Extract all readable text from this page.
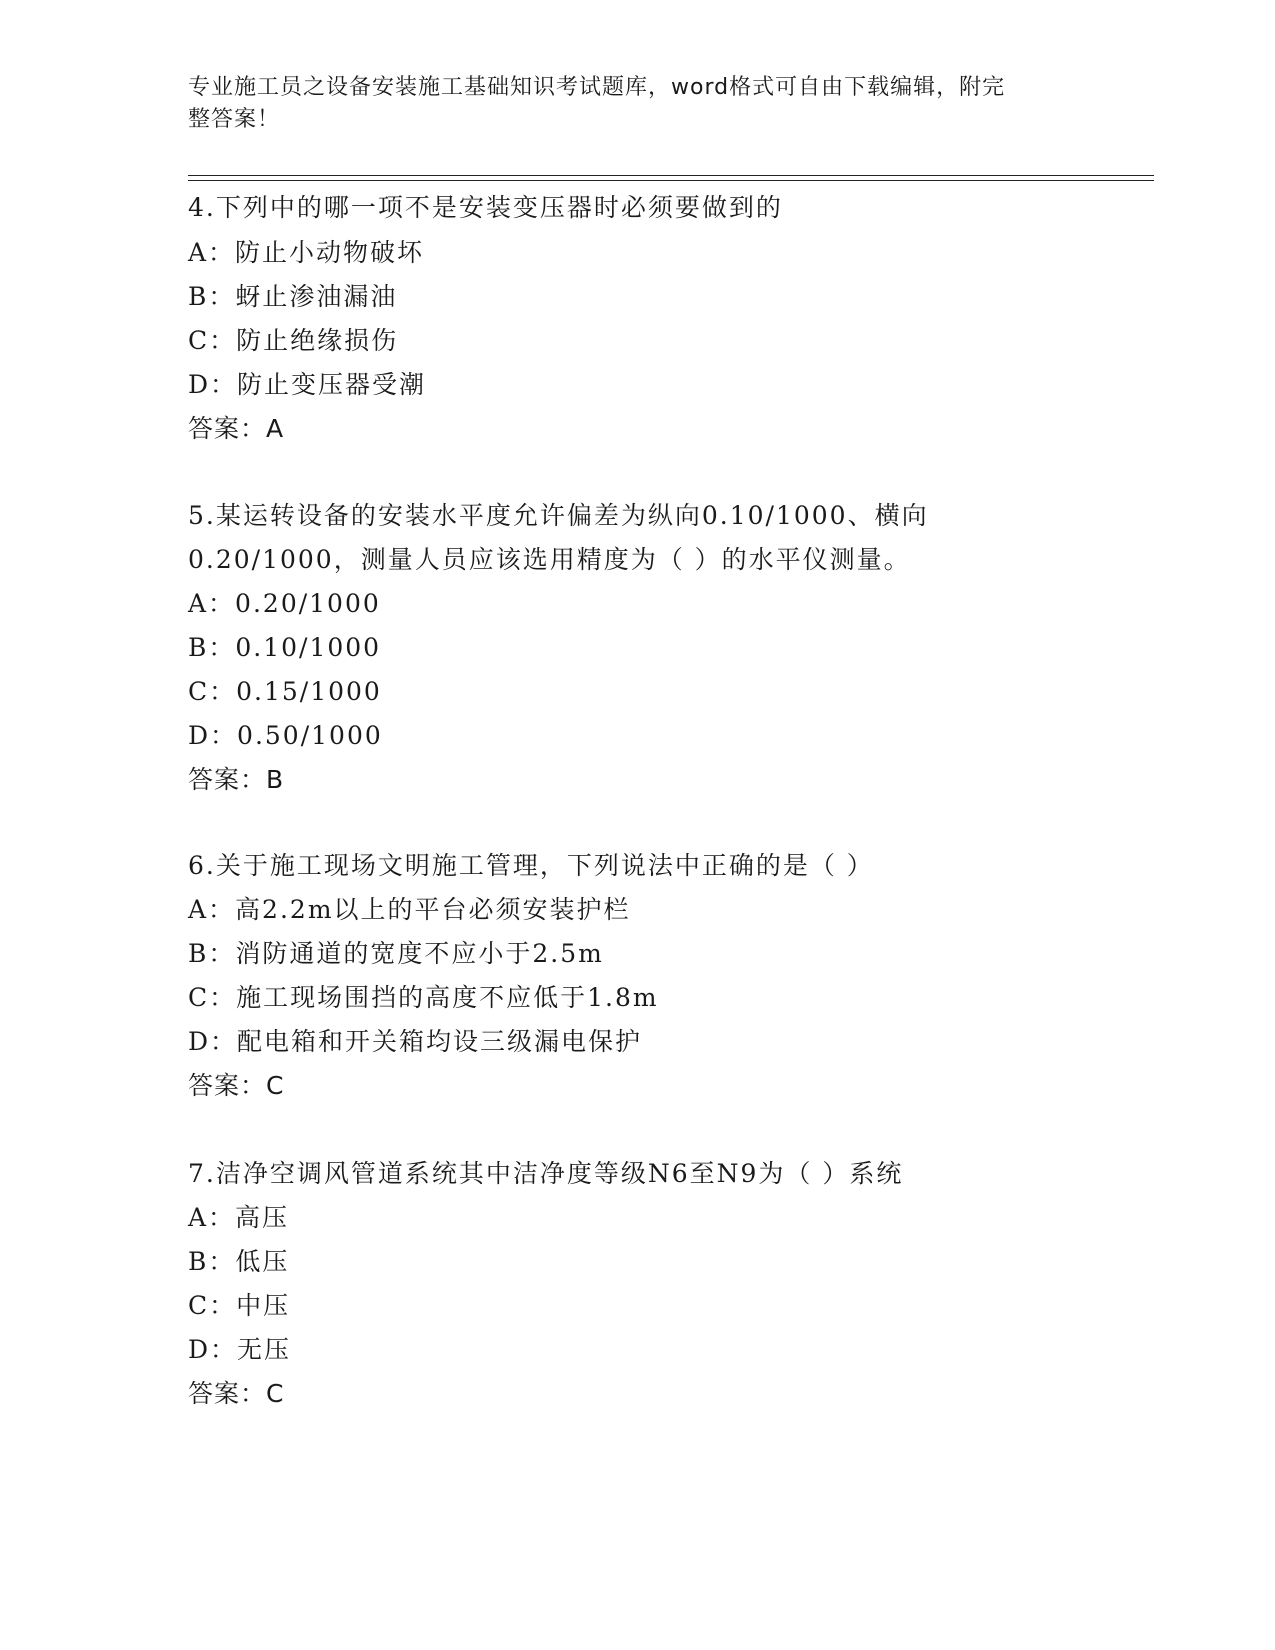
专业施工员之设备安装施工基础知识考试题库，word格式可自由下载编辑，附完

整答案！

4.下列中的哪一项不是安装变压器时必须要做到的

A：防止小动物破坏

B：蚜止渗油漏油

C：防止绝缘损伤

D：防止变压器受潮

答案：A

5.某运转设备的安装水平度允许偏差为纵向0.10/1000、横向

0.20/1000，测量人员应该选用精度为（ ）的水平仪测量。

A：0.20/1000

B：0.10/1000

C：0.15/1000

D：0.50/1000

答案：B

6.关于施工现场文明施工管理，下列说法中正确的是（ ）

A：高2.2m以上的平台必须安装护栏

B：消防通道的宽度不应小于2.5m

C：施工现场围挡的高度不应低于1.8m

D：配电箱和开关箱均设三级漏电保护

答案：C

7.洁净空调风管道系统其中洁净度等级N6至N9为（ ）系统

A：高压

B：低压

C：中压

D：无压

答案：C
